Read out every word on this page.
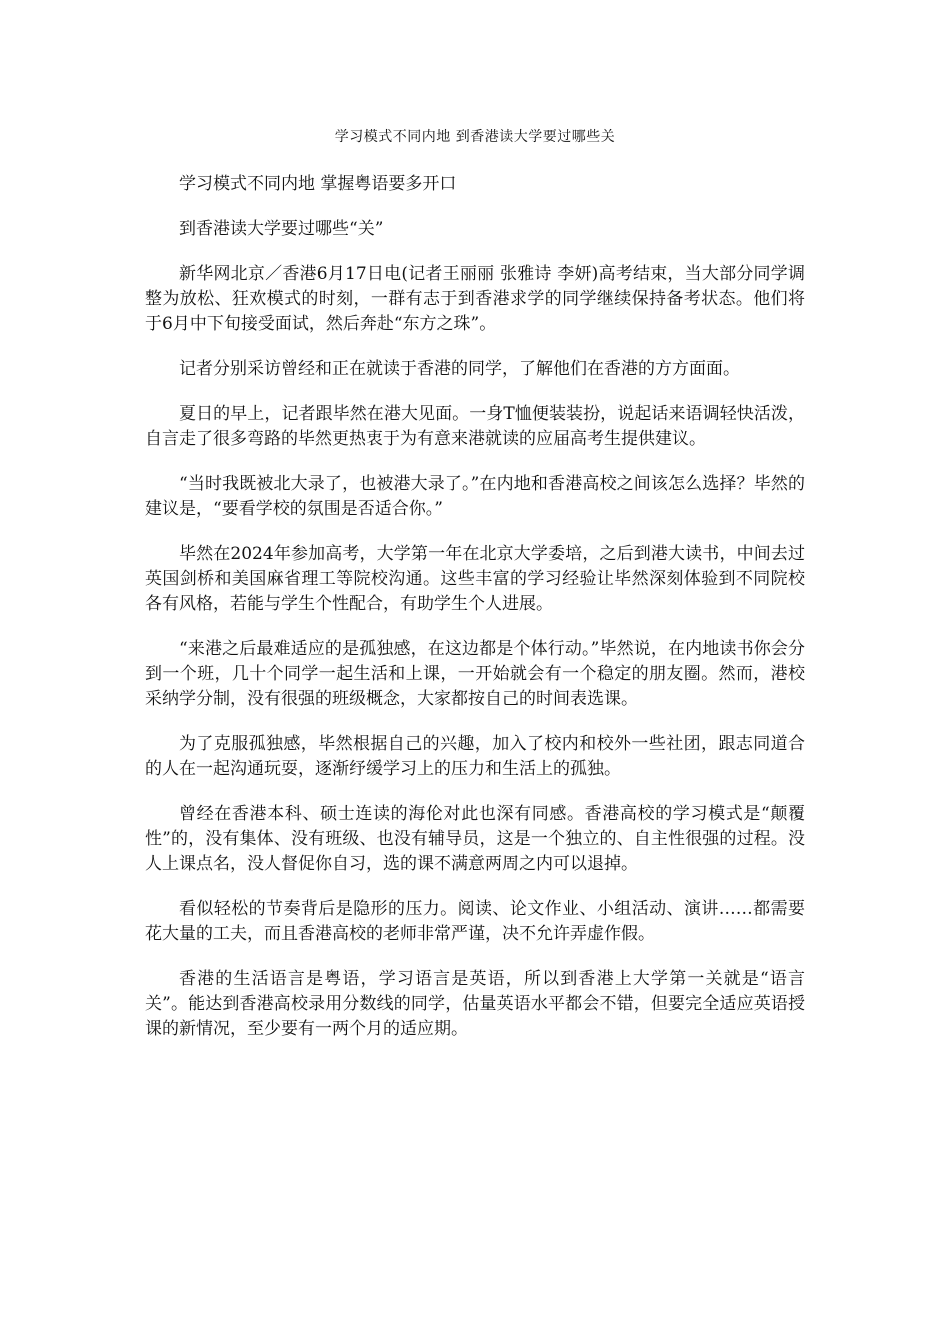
学习模式不同内地 到香港读大学要过哪些关

学习模式不同内地 掌握粤语要多开口

到香港读大学要过哪些“关”

新华网北京／香港6月17日电(记者王丽丽 张雅诗 李妍)高考结束，当大部分同学调整为放松、狂欢模式的时刻，一群有志于到香港求学的同学继续保持备考状态。他们将于6月中下旬接受面试，然后奔赴“东方之珠”。

记者分别采访曾经和正在就读于香港的同学，了解他们在香港的方方面面。

夏日的早上，记者跟毕然在港大见面。一身T恤便装装扮，说起话来语调轻快活泼，自言走了很多弯路的毕然更热衷于为有意来港就读的应届高考生提供建议。

“当时我既被北大录了，也被港大录了。”在内地和香港高校之间该怎么选择？毕然的建议是，“要看学校的氛围是否适合你。”

毕然在2024年参加高考，大学第一年在北京大学委培，之后到港大读书，中间去过英国剑桥和美国麻省理工等院校沟通。这些丰富的学习经验让毕然深刻体验到不同院校各有风格，若能与学生个性配合，有助学生个人进展。

“来港之后最难适应的是孤独感，在这边都是个体行动。”毕然说，在内地读书你会分到一个班，几十个同学一起生活和上课，一开始就会有一个稳定的朋友圈。然而，港校采纳学分制，没有很强的班级概念，大家都按自己的时间表选课。

为了克服孤独感，毕然根据自己的兴趣，加入了校内和校外一些社团，跟志同道合的人在一起沟通玩耍，逐渐纾缓学习上的压力和生活上的孤独。

曾经在香港本科、硕士连读的海伦对此也深有同感。香港高校的学习模式是“颠覆性”的，没有集体、没有班级、也没有辅导员，这是一个独立的、自主性很强的过程。没人上课点名，没人督促你自习，选的课不满意两周之内可以退掉。

看似轻松的节奏背后是隐形的压力。阅读、论文作业、小组活动、演讲……都需要花大量的工夫，而且香港高校的老师非常严谨，决不允许弄虚作假。

香港的生活语言是粤语，学习语言是英语，所以到香港上大学第一关就是“语言关”。能达到香港高校录用分数线的同学，估量英语水平都会不错，但要完全适应英语授课的新情况，至少要有一两个月的适应期。
